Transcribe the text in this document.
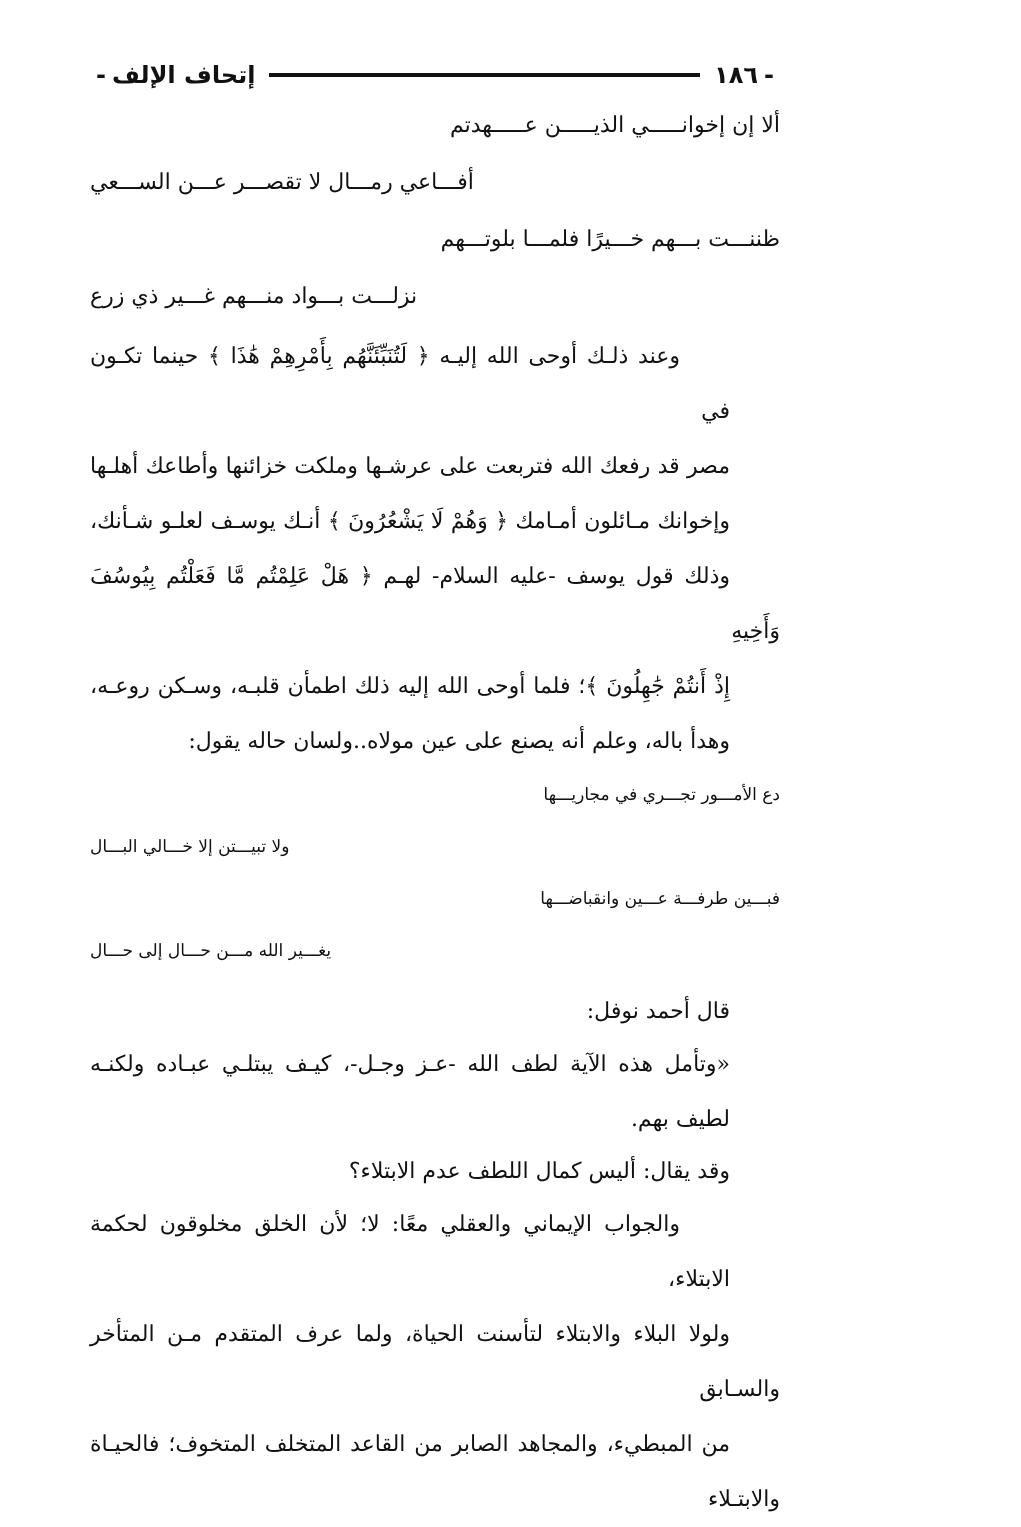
-
١٨٦
إتحاف الإلف
-
ألا إن إخوانـــــي الذيـــــن عـــــهدتم
أفـــاعي رمـــال لا تقصـــر عـــن الســـعي
ظننـــت بـــهم خـــيرًا فلمـــا بلوتـــهم
نزلـــت بـــواد منـــهم غـــير ذي زرع
وعند ذلـك أوحى الله إليـه ﴿ لَتُنَبِّئَنَّهُم بِأَمْرِهِمْ هَٰذَا ﴾ حينما تكـون في
مصر قد رفعك الله فتربعت على عرشـها وملكت خزائنها وأطاعك أهلـها
وإخوانك مـائلون أمـامك ﴿ وَهُمْ لَا يَشْعُرُونَ ﴾ أنـك يوسـف لعلـو شـأنك،
وذلك قول يوسف -عليه السلام- لهـم ﴿ هَلْ عَلِمْتُم مَّا فَعَلْتُم بِيُوسُفَ وَأَخِيهِ
إِذْ أَنتُمْ جَٰهِلُونَ ﴾؛ فلما أوحى الله إليه ذلك اطمأن قلبـه، وسـكن روعـه،
وهدأ باله، وعلم أنه يصنع على عين مولاه..ولسان حاله يقول:
دع الأمـــور تجـــري في مجاريـــها
ولا تبيـــتن إلا خـــالي البـــال
فبـــين طرفـــة عـــين وانقباضـــها
يغـــير الله مـــن حـــال إلى حـــال
قال أحمد نوفل:
«وتأمل هذه الآية لطف الله -عـز وجـل-، كيـف يبتلـي عبـاده ولكنـه
لطيف بهم.
وقد يقال: أليس كمال اللطف عدم الابتلاء؟
والجواب الإيماني والعقلي معًا: لا؛ لأن الخلق مخلوقون لحكمة الابتلاء،
ولولا البلاء والابتلاء لتأسنت الحياة، ولما عرف المتقدم مـن المتأخر والسـابق
من المبطيء، والمجاهد الصابر من القاعد المتخلف المتخوف؛ فالحيـاة والابتـلاء
